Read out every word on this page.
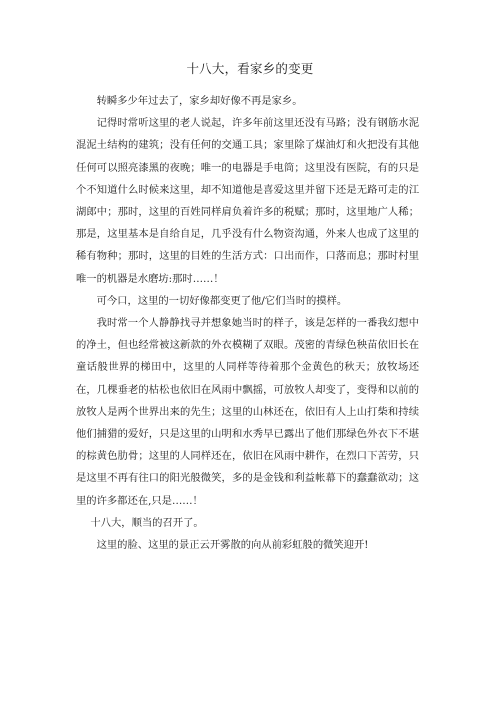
十八大，看家乡的变更

转瞬多少年过去了，家乡却好像不再是家乡。

记得时常听这里的老人说起，许多年前这里还没有马路；没有钢筋水泥混泥土结构的建筑；没有任何的交通工具；家里除了煤油灯和火把没有其他任何可以照亮漆黑的夜晚；唯一的电器是手电筒；这里没有医院，有的只是个不知道什么时候来这里，却不知道他是喜爱这里并留下还是无路可走的江湖郎中；那时，这里的百姓同样肩负着许多的税赋；那时，这里地广人稀；那是，这里基本是自给自足，几乎没有什么物资沟通，外来人也成了这里的稀有物种；那时，这里的目姓的生活方式：口出而作，口落而息；那时村里唯一的机器是水磨坊:那时……！

可今口，这里的一切好像都变更了他/它们当时的摸样。

我时常一个人静静找寻并想象她当时的样子，该是怎样的一番我幻想中的净土，但也经常被这新款的外衣模糊了双眼。茂密的青绿色秧苗依旧长在童话般世界的梯田中，这里的人同样等待着那个金黄色的秋天；放牧场还在，几棵垂老的枯松也依旧在风雨中飘摇，可放牧人却变了，变得和以前的放牧人是两个世界出来的先生；这里的山林还在，依旧有人上山打柴和持续他们捕猎的爱好，只是这里的山明和水秀早已露出了他们那绿色外衣下不堪的棕黄色肋骨；这里的人同样还在，依旧在风雨中耕作，在烈口下苦劳，只是这里不再有往口的阳光般微笑，多的是金钱和利益帐幕下的蠢蠢欲动；这里的许多都还在,只是……！

十八大，顺当的召开了。

这里的脸、这里的景正云开雾散的向从前彩虹般的微笑迎开!
